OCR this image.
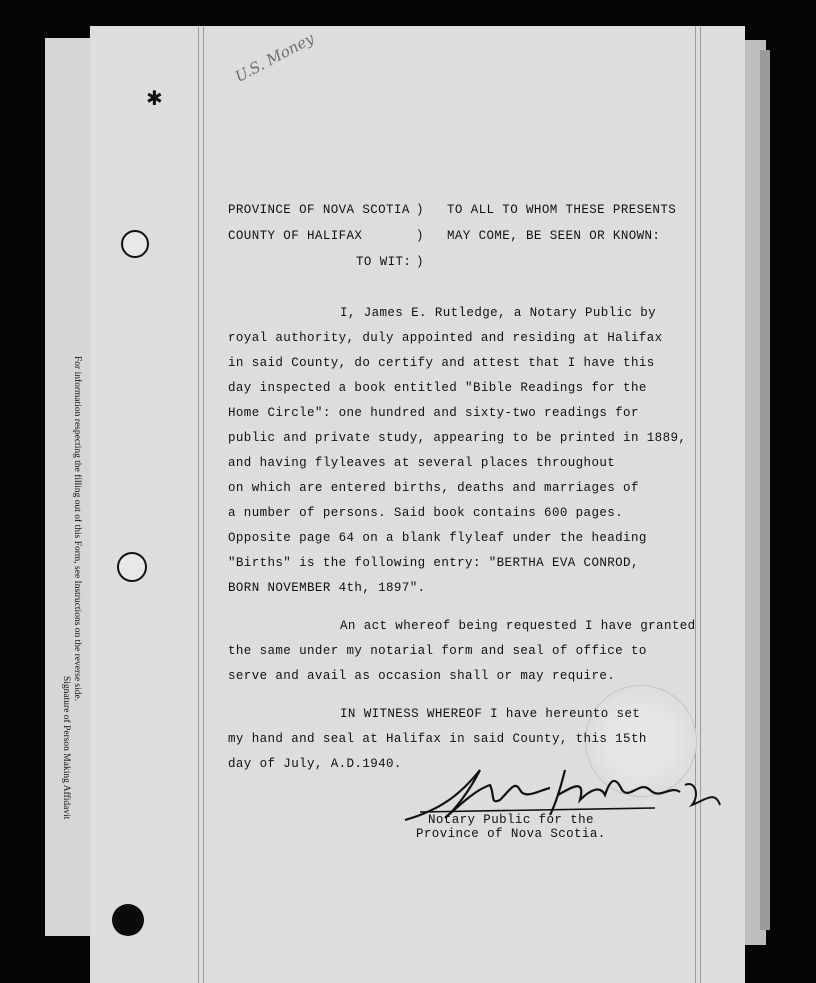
For information respecting the filling out of this Form, see Instructions on the reverse side.
Signature of Person Making Affidavit
✱
U.S. Money
PROVINCE OF NOVA SCOTIA
COUNTY OF HALIFAX
TO WIT:
)
)
)
TO ALL TO WHOM THESE PRESENTS
MAY COME, BE SEEN OR KNOWN:
I, James E. Rutledge, a Notary Public by
royal authority, duly appointed and residing at Halifax
in said County, do certify and attest that I have this
day inspected a book entitled "Bible Readings for the
Home Circle": one hundred and sixty-two readings for
public and private study, appearing to be printed in 1889,
and having flyleaves at several places throughout
on which are entered births, deaths and marriages of
a number of persons. Said book contains 600 pages.
Opposite page 64 on a blank flyleaf under the heading
"Births" is the following entry: "BERTHA EVA CONROD,
BORN NOVEMBER 4th, 1897".
An act whereof being requested I have granted
the same under my notarial form and seal of office to
serve and avail as occasion shall or may require.
IN WITNESS WHEREOF I have hereunto set
my hand and seal at Halifax in said County, this 15th
day of July, A.D.1940.
Notary Public for the
Province of Nova Scotia.
